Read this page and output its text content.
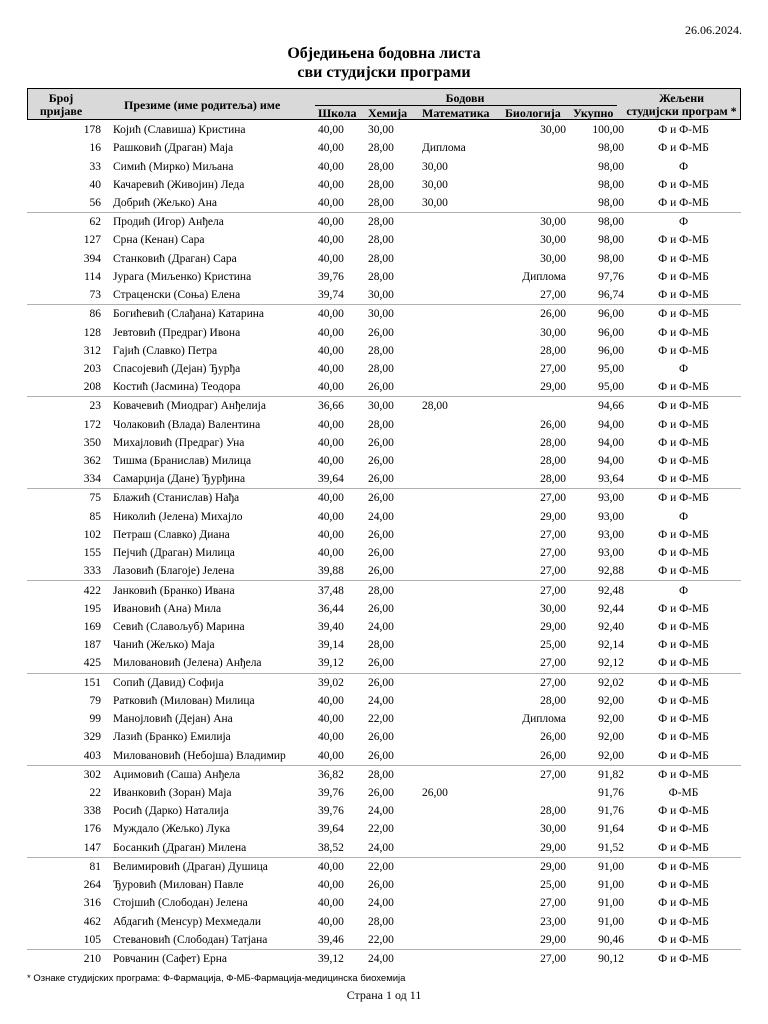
26.06.2024.
Обједињена бодовна листа
сви студијски програми
Број
пријаве	Презиме (име родитеља) име	Бодови
Школа Хемија Математика Биологија Укупно
Жељени
студијски програм *
178	Којић (Славиша) Кристина	40,00	30,00		30,00	100,00	Ф и Ф-МБ
16	Рашковић (Драган) Маја	40,00	28,00	Диплома		98,00	Ф и Ф-МБ
33	Симић (Мирко) Миљана	40,00	28,00	30,00		98,00	Ф
40	Качаревић (Живојин) Леда	40,00	28,00	30,00		98,00	Ф и Ф-МБ
56	Добрић (Жељко) Ана	40,00	28,00	30,00		98,00	Ф и Ф-МБ
62	Продић (Игор) Анђела	40,00	28,00		30,00	98,00	Ф
127	Срна (Кенан) Сара	40,00	28,00		30,00	98,00	Ф и Ф-МБ
394	Станковић (Драган) Сара	40,00	28,00		30,00	98,00	Ф и Ф-МБ
114	Јурага (Миљенко) Кристина	39,76	28,00		Диплома	97,76	Ф и Ф-МБ
73	Страценски (Соња) Елена	39,74	30,00		27,00	96,74	Ф и Ф-МБ
86	Богићевић (Слађана) Катарина	40,00	30,00		26,00	96,00	Ф и Ф-МБ
128	Јевтовић (Предраг) Ивона	40,00	26,00		30,00	96,00	Ф и Ф-МБ
312	Гајић (Славко) Петра	40,00	28,00		28,00	96,00	Ф и Ф-МБ
203	Спасојевић (Дејан) Ђурђа	40,00	28,00		27,00	95,00	Ф
208	Костић (Јасмина) Теодора	40,00	26,00		29,00	95,00	Ф и Ф-МБ
23	Ковачевић (Миодраг) Анђелија	36,66	30,00	28,00		94,66	Ф и Ф-МБ
172	Чолаковић (Влада) Валентина	40,00	28,00		26,00	94,00	Ф и Ф-МБ
350	Михајловић (Предраг) Уна	40,00	26,00		28,00	94,00	Ф и Ф-МБ
362	Тишма (Бранислав) Милица	40,00	26,00		28,00	94,00	Ф и Ф-МБ
334	Самарџија (Дане) Ђурђина	39,64	26,00		28,00	93,64	Ф и Ф-МБ
75	Блажић (Станислав) Нађа	40,00	26,00		27,00	93,00	Ф и Ф-МБ
85	Николић (Јелена) Михајло	40,00	24,00		29,00	93,00	Ф
102	Петраш (Славко) Диана	40,00	26,00		27,00	93,00	Ф и Ф-МБ
155	Пејчић (Драган) Милица	40,00	26,00		27,00	93,00	Ф и Ф-МБ
333	Лазовић (Благоје) Јелена	39,88	26,00		27,00	92,88	Ф и Ф-МБ
422	Јанковић (Бранко) Ивана	37,48	28,00		27,00	92,48	Ф
195	Ивановић (Ана) Мила	36,44	26,00		30,00	92,44	Ф и Ф-МБ
169	Севић (Славољуб) Марина	39,40	24,00		29,00	92,40	Ф и Ф-МБ
187	Чанић (Жељко) Маја	39,14	28,00		25,00	92,14	Ф и Ф-МБ
425	Миловановић (Јелена) Анђела	39,12	26,00		27,00	92,12	Ф и Ф-МБ
151	Сопић (Давид) Софија	39,02	26,00		27,00	92,02	Ф и Ф-МБ
79	Ратковић (Милован) Милица	40,00	24,00		28,00	92,00	Ф и Ф-МБ
99	Манојловић (Дејан) Ана	40,00	22,00		Диплома	92,00	Ф и Ф-МБ
329	Лазић (Бранко) Емилија	40,00	26,00		26,00	92,00	Ф и Ф-МБ
403	Миловановић (Небојша) Владимир	40,00	26,00		26,00	92,00	Ф и Ф-МБ
302	Аџимовић (Саша) Анђела	36,82	28,00		27,00	91,82	Ф и Ф-МБ
22	Иванковић (Зоран) Маја	39,76	26,00	26,00		91,76	Ф-МБ
338	Росић (Дарко) Наталија	39,76	24,00		28,00	91,76	Ф и Ф-МБ
176	Муждало (Жељко) Лука	39,64	22,00		30,00	91,64	Ф и Ф-МБ
147	Босанкић (Драган) Милена	38,52	24,00		29,00	91,52	Ф и Ф-МБ
81	Велимировић (Драган) Душица	40,00	22,00		29,00	91,00	Ф и Ф-МБ
264	Ђуровић (Милован) Павле	40,00	26,00		25,00	91,00	Ф и Ф-МБ
316	Стојшић (Слободан) Јелена	40,00	24,00		27,00	91,00	Ф и Ф-МБ
462	Абдагић (Менсур) Мехмедали	40,00	28,00		23,00	91,00	Ф и Ф-МБ
105	Стевановић (Слободан) Татјана	39,46	22,00		29,00	90,46	Ф и Ф-МБ
210	Ровчанин (Сафет) Ерна	39,12	24,00		27,00	90,12	Ф и Ф-МБ
* Ознаке студијских програма: Ф-Фармација, Ф-МБ-Фармација-медицинска биохемија
Страна 1 од 11
